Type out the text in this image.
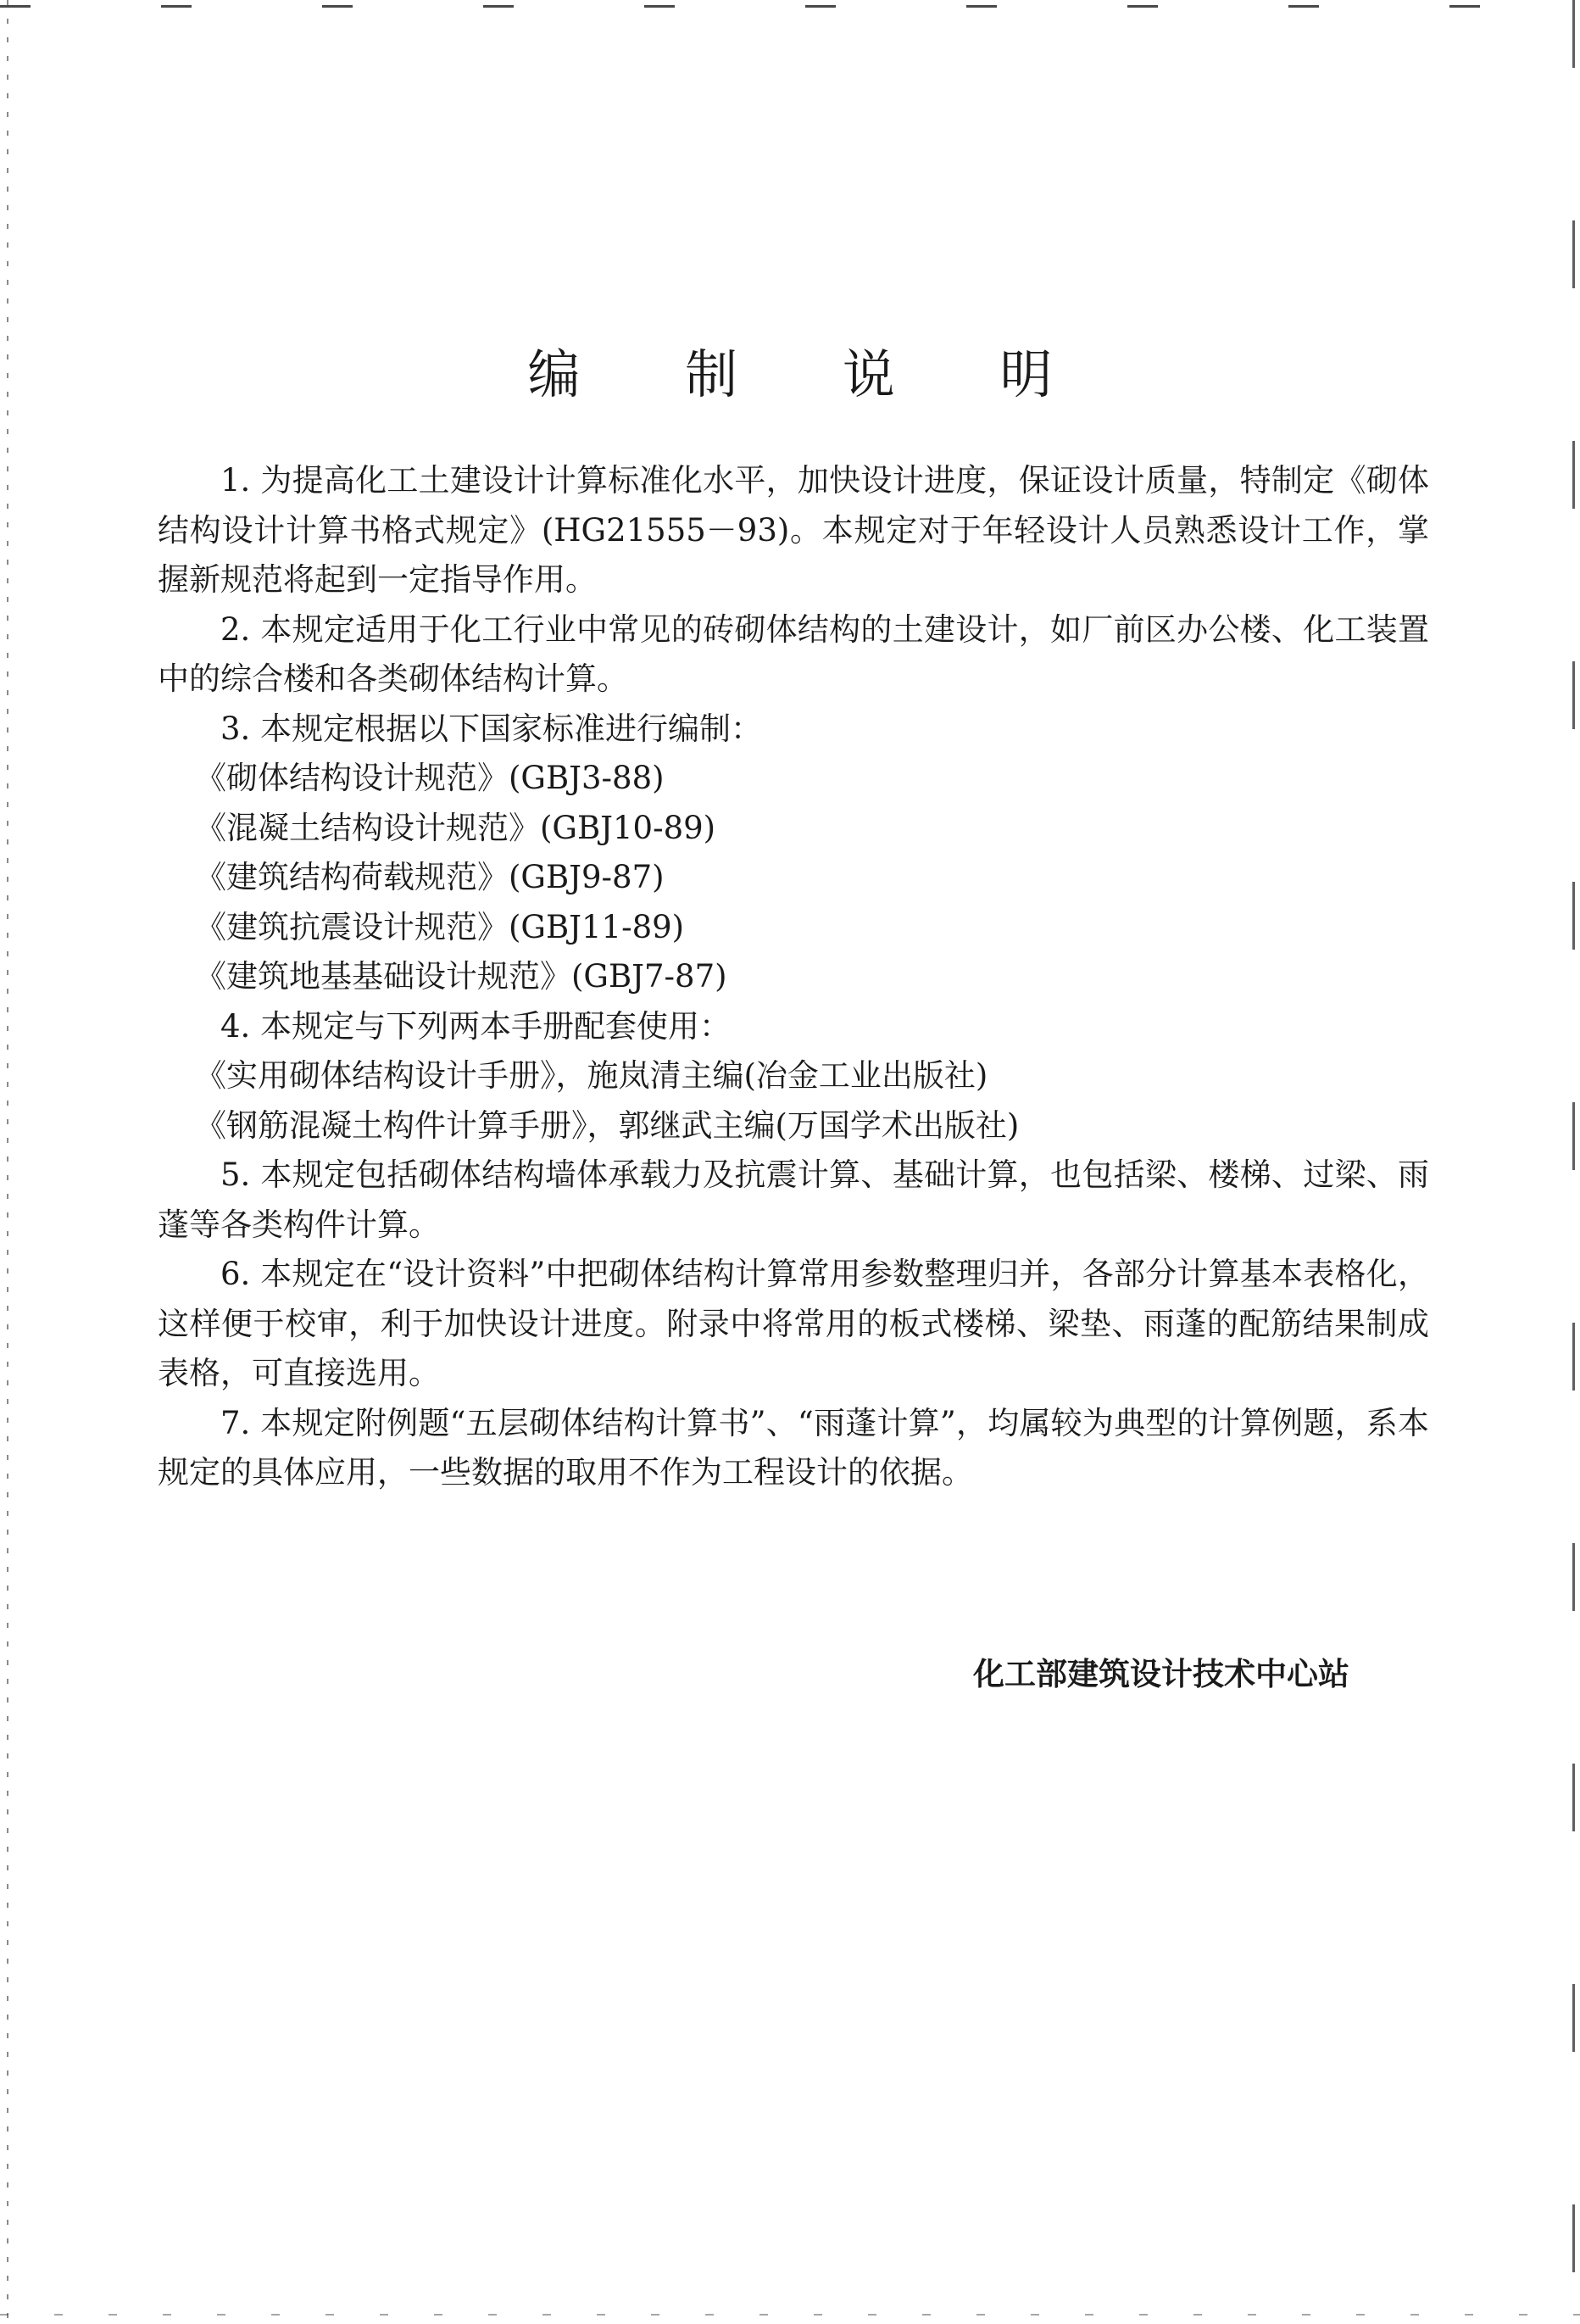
编 制 说 明

1. 为提高化工土建设计计算标准化水平，加快设计进度，保证设计质量，特制定《砌体结构设计计算书格式规定》(HG21555－93)。本规定对于年轻设计人员熟悉设计工作，掌握新规范将起到一定指导作用。

2. 本规定适用于化工行业中常见的砖砌体结构的土建设计，如厂前区办公楼、化工装置中的综合楼和各类砌体结构计算。

3. 本规定根据以下国家标准进行编制：

《砌体结构设计规范》(GBJ3-88)

《混凝土结构设计规范》(GBJ10-89)

《建筑结构荷载规范》(GBJ9-87)

《建筑抗震设计规范》(GBJ11-89)

《建筑地基基础设计规范》(GBJ7-87)

4. 本规定与下列两本手册配套使用：

《实用砌体结构设计手册》，施岚清主编(冶金工业出版社)

《钢筋混凝土构件计算手册》，郭继武主编(万国学术出版社)

5. 本规定包括砌体结构墙体承载力及抗震计算、基础计算，也包括梁、楼梯、过梁、雨蓬等各类构件计算。

6. 本规定在“设计资料”中把砌体结构计算常用参数整理归并，各部分计算基本表格化，这样便于校审，利于加快设计进度。附录中将常用的板式楼梯、梁垫、雨蓬的配筋结果制成表格，可直接选用。

7. 本规定附例题“五层砌体结构计算书”、“雨蓬计算”，均属较为典型的计算例题，系本规定的具体应用，一些数据的取用不作为工程设计的依据。

化工部建筑设计技术中心站
